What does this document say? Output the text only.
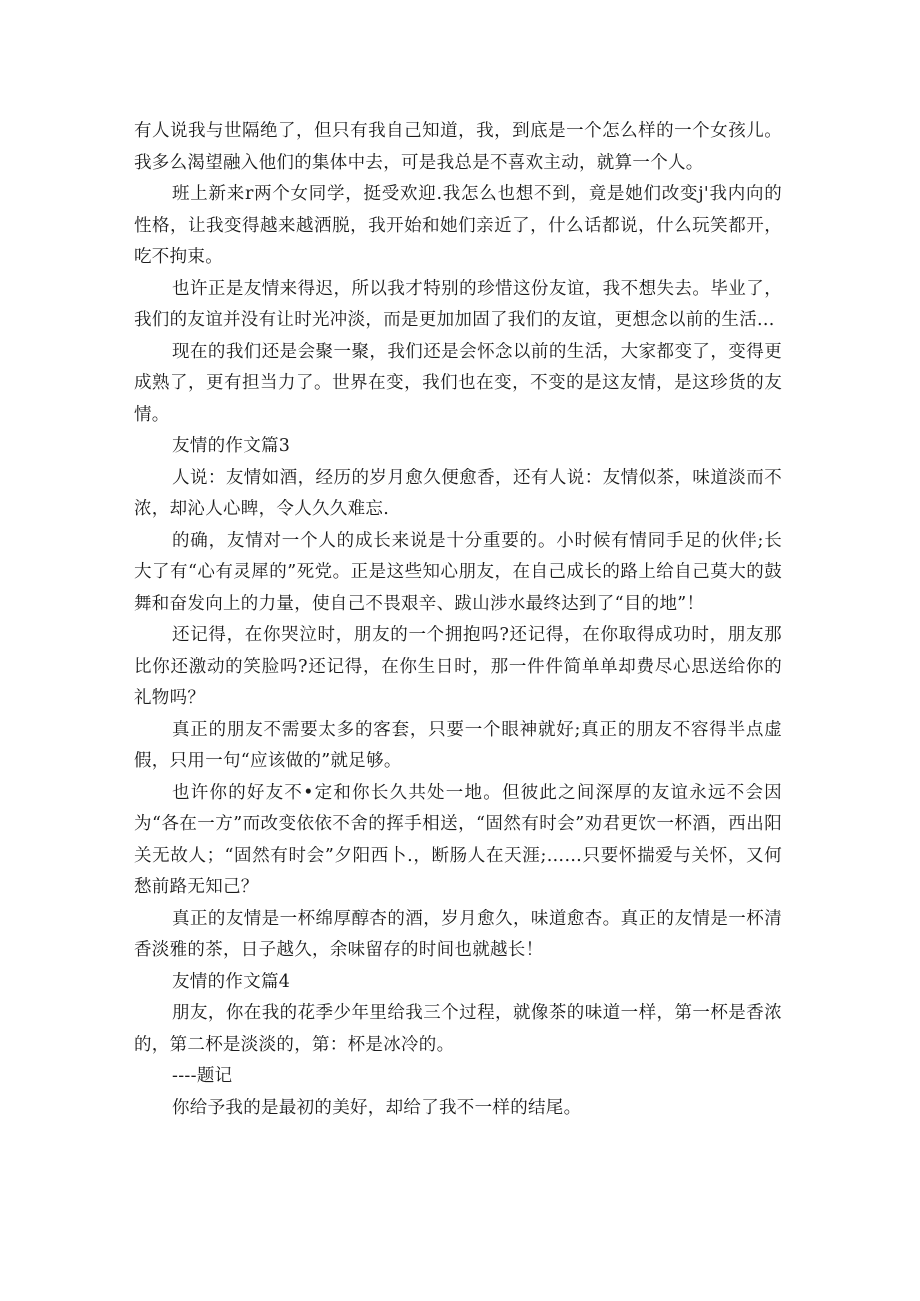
有人说我与世隔绝了，但只有我自己知道，我，到底是一个怎么样的一个女孩儿。我多么渴望融入他们的集体中去，可是我总是不喜欢主动，就算一个人。

班上新来r两个女同学，挺受欢迎.我怎么也想不到，竟是她们改变j'我内向的性格，让我变得越来越洒脱，我开始和她们亲近了，什么话都说，什么玩笑都开，吃不拘束。

也许正是友情来得迟，所以我才特别的珍惜这份友谊，我不想失去。毕业了，我们的友谊并没有让时光冲淡，而是更加加固了我们的友谊，更想念以前的生活...

现在的我们还是会聚一聚，我们还是会怀念以前的生活，大家都变了，变得更成熟了，更有担当力了。世界在变，我们也在变，不变的是这友情，是这珍货的友情。

友情的作文篇3

人说：友情如酒，经历的岁月愈久便愈香，还有人说：友情似茶，味道淡而不浓，却沁人心睥，令人久久难忘.

的确，友情对一个人的成长来说是十分重要的。小时候有情同手足的伙伴;长大了有“心有灵犀的”死党。正是这些知心朋友，在自己成长的路上给自己莫大的鼓舞和奋发向上的力量，使自己不畏艰辛、跋山涉水最终达到了“目的地”！

还记得，在你哭泣时，朋友的一个拥抱吗?还记得，在你取得成功时，朋友那比你还激动的笑脸吗?还记得，在你生日时，那一件件简单单却费尽心思送给你的礼物吗？

真正的朋友不需要太多的客套，只要一个眼神就好;真正的朋友不容得半点虚假，只用一句“应该做的”就足够。

也许你的好友不•定和你长久共处一地。但彼此之间深厚的友谊永远不会因为“各在一方”而改变依依不舍的挥手相送，“固然有时会”劝君更饮一杯酒，西出阳关无故人；“固然有时会”夕阳西卜.，断肠人在天涯;……只要怀揣爱与关怀，又何愁前路无知己？

真正的友情是一杯绵厚醇杏的酒，岁月愈久，味道愈杏。真正的友情是一杯清香淡雅的茶，日子越久，余味留存的时间也就越长！

友情的作文篇4

朋友，你在我的花季少年里给我三个过程，就像茶的味道一样，第一杯是香浓的，第二杯是淡淡的，第：杯是冰冷的。

----题记

你给予我的是最初的美好，却给了我不一样的结尾。
